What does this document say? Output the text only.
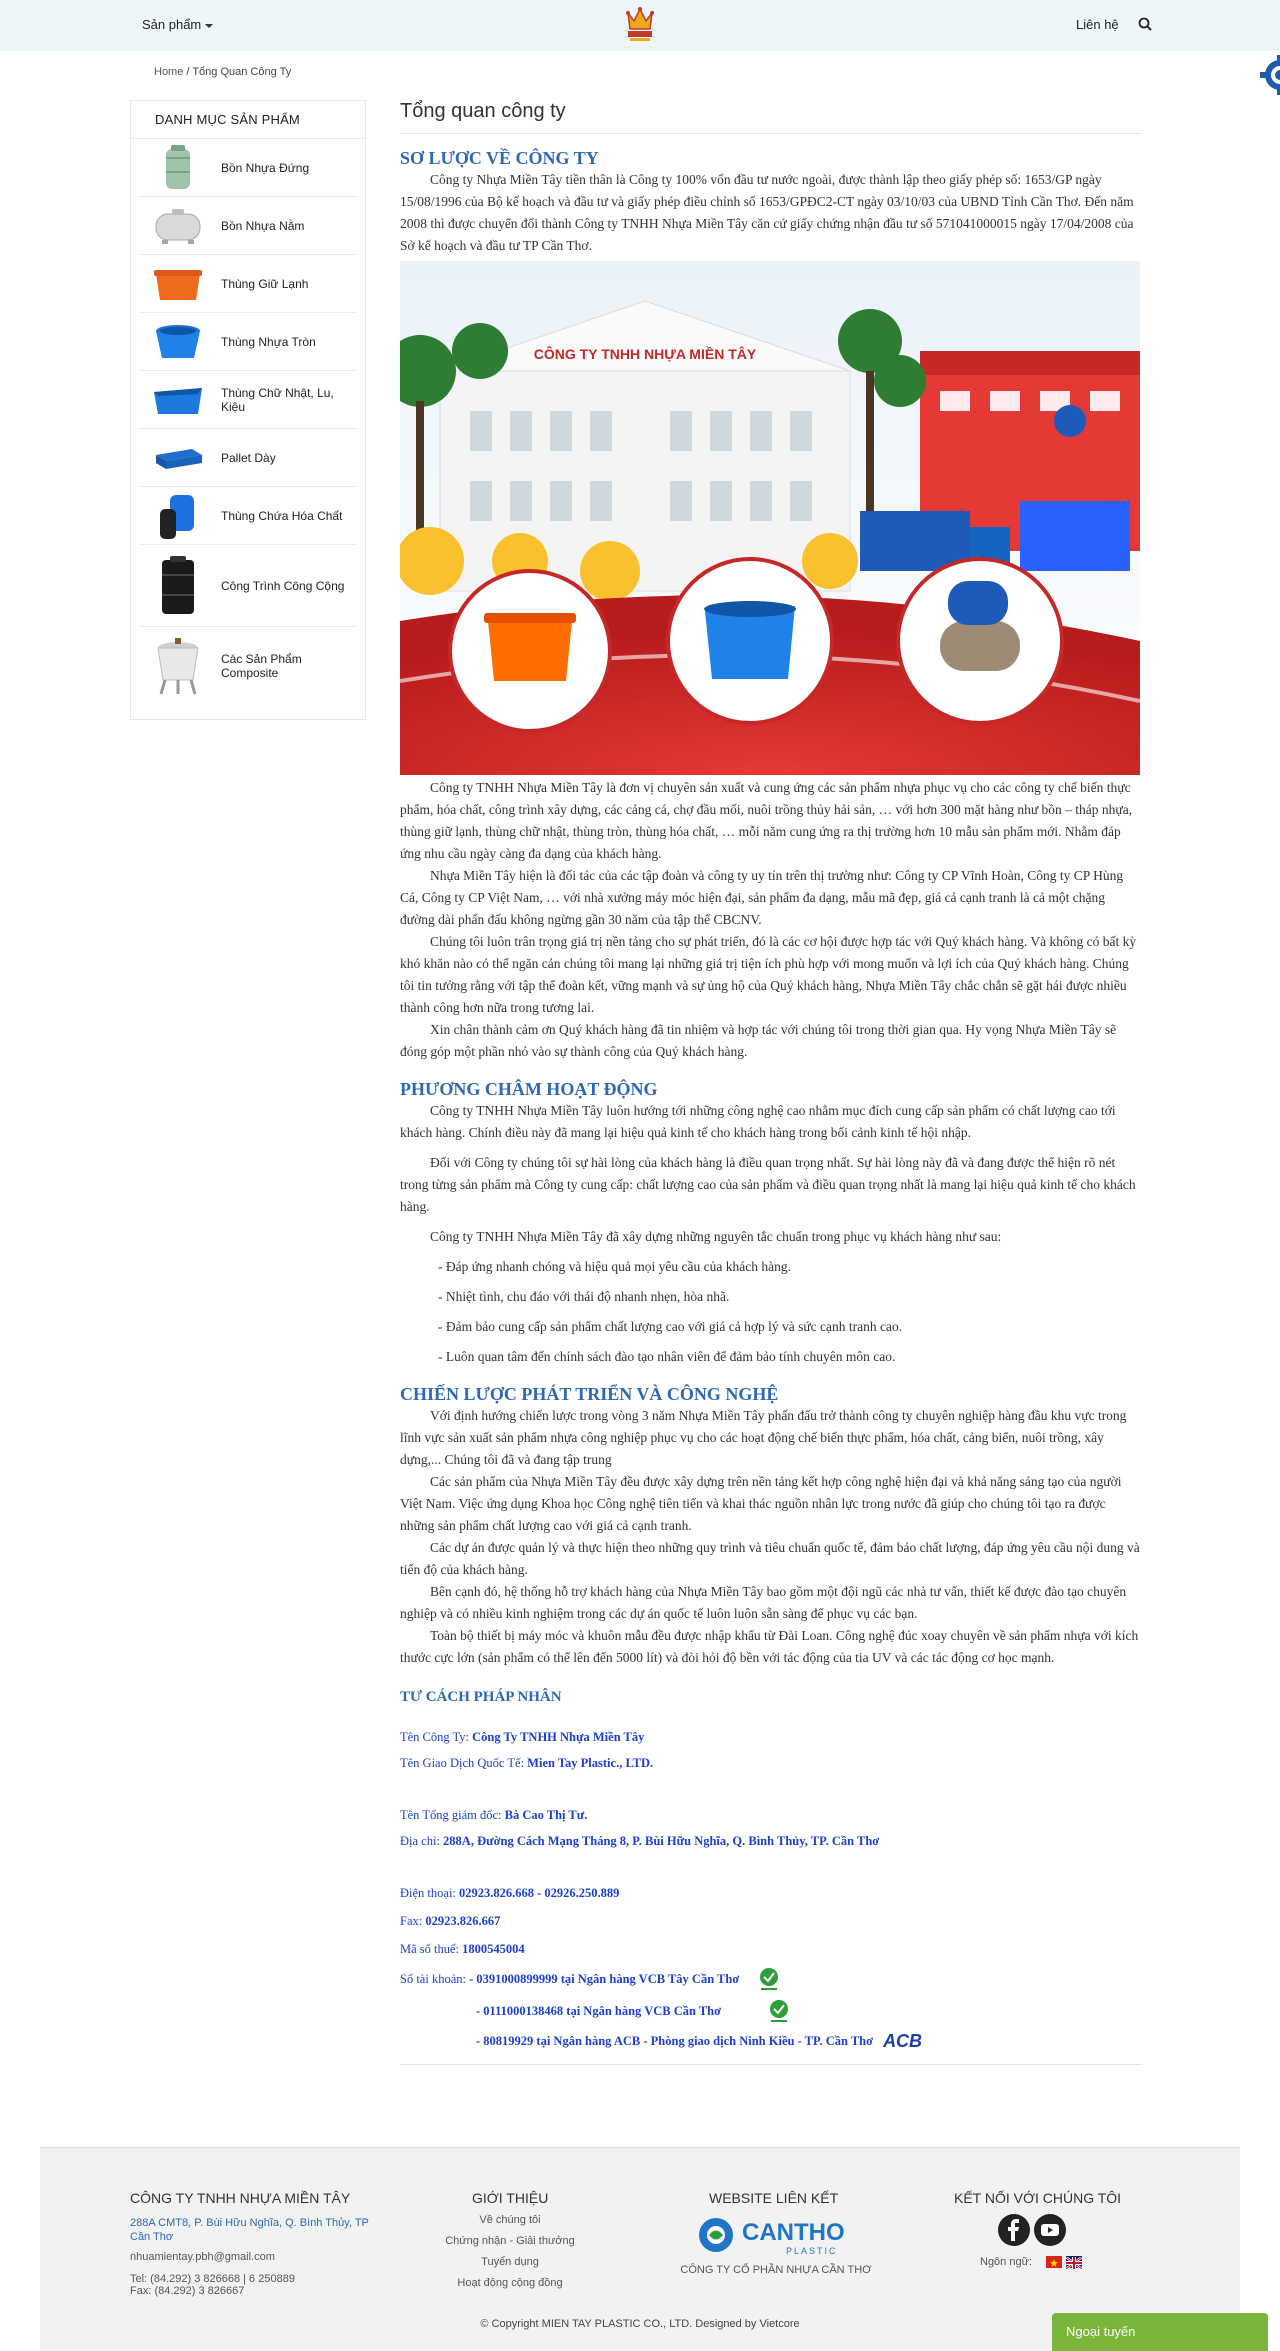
Sản phẩm	Liên hệ
Home / Tổng Quan Công Ty
DANH MỤC SẢN PHẨM
Bồn Nhựa Đứng
Bồn Nhựa Nằm
Thùng Giữ Lạnh
Thùng Nhựa Tròn
Thùng Chữ Nhật, Lu, Kiệu
Pallet Dày
Thùng Chứa Hóa Chất
Công Trình Công Cộng
Các Sản Phẩm Composite
Tổng quan công ty
SƠ LƯỢC VỀ CÔNG TY

Công ty Nhựa Miền Tây tiền thân là Công ty 100% vốn đầu tư nước ngoài, được thành lập theo giấy phép số: 1653/GP ngày 15/08/1996 của Bộ kế hoạch và đầu tư và giấy phép điều chỉnh số 1653/GPĐC2-CT ngày 03/10/03 của UBND Tỉnh Cần Thơ. Đến năm 2008 thì được chuyển đổi thành Công ty TNHH Nhựa Miền Tây căn cứ giấy chứng nhận đầu tư số 571041000015 ngày 17/04/2008 của Sở kế hoạch và đầu tư TP Cần Thơ.

CÔNG TY TNHH NHỰA MIỀN TÂY

Công ty TNHH Nhựa Miền Tây là đơn vị chuyên sản xuất và cung ứng các sản phẩm nhựa phục vụ cho các công ty chế biến thực phẩm, hóa chất, công trình xây dựng, các cảng cá, chợ đầu mối, nuôi trồng thủy hải sản, … với hơn 300 mặt hàng như bồn – tháp nhựa, thùng giữ lạnh, thùng chữ nhật, thùng tròn, thùng hóa chất, … mỗi năm cung ứng ra thị trường hơn 10 mẫu sản phẩm mới. Nhằm đáp ứng nhu cầu ngày càng đa dạng của khách hàng.

Nhựa Miền Tây hiện là đối tác của các tập đoàn và công ty uy tín trên thị trường như: Công ty CP Vĩnh Hoàn, Công ty CP Hùng Cá, Công ty CP Việt Nam, … với nhà xưởng máy móc hiện đại, sản phẩm đa dạng, mẫu mã đẹp, giá cả cạnh tranh là cả một chặng đường dài phấn đấu không ngừng gần 30 năm của tập thể CBCNV.

Chúng tôi luôn trân trọng giá trị nền tảng cho sự phát triển, đó là các cơ hội được hợp tác với Quý khách hàng. Và không có bất kỳ khó khăn nào có thể ngăn cản chúng tôi mang lại những giá trị tiện ích phù hợp với mong muốn và lợi ích của Quý khách hàng. Chúng tôi tin tưởng rằng với tập thể đoàn kết, vững mạnh và sự ủng hộ của Quý khách hàng, Nhựa Miền Tây chắc chắn sẽ gặt hái được nhiều thành công hơn nữa trong tương lai.

Xin chân thành cảm ơn Quý khách hàng đã tin nhiệm và hợp tác với chúng tôi trong thời gian qua. Hy vọng Nhựa Miền Tây sẽ đóng góp một phần nhỏ vào sự thành công của Quý khách hàng.

PHƯƠNG CHÂM HOẠT ĐỘNG

Công ty TNHH Nhựa Miền Tây luôn hướng tới những công nghệ cao nhằm mục đích cung cấp sản phẩm có chất lượng cao tới khách hàng. Chính điều này đã mang lại hiệu quả kinh tế cho khách hàng trong bối cảnh kinh tế hội nhập.

Đối với Công ty chúng tôi sự hài lòng của khách hàng là điều quan trọng nhất. Sự hài lòng này đã và đang được thể hiện rõ nét trong từng sản phẩm mà Công ty cung cấp: chất lượng cao của sản phẩm và điều quan trọng nhất là mang lại hiệu quả kinh tế cho khách hàng.

Công ty TNHH Nhựa Miền Tây đã xây dựng những nguyên tắc chuẩn trong phục vụ khách hàng như sau:

- Đáp ứng nhanh chóng và hiệu quả mọi yêu cầu của khách hàng.
- Nhiệt tình, chu đáo với thái độ nhanh nhẹn, hòa nhã.
- Đảm bảo cung cấp sản phẩm chất lượng cao với giá cả hợp lý và sức cạnh tranh cao.
- Luôn quan tâm đến chính sách đào tạo nhân viên để đảm bảo tính chuyên môn cao.
CHIẾN LƯỢC PHÁT TRIỂN VÀ CÔNG NGHỆ

Với định hướng chiến lược trong vòng 3 năm Nhựa Miền Tây phấn đấu trở thành công ty chuyên nghiệp hàng đầu khu vực trong lĩnh vực sản xuất sản phẩm nhựa công nghiệp phục vụ cho các hoạt động chế biến thực phẩm, hóa chất, cảng biển, nuôi trồng, xây dựng,... Chúng tôi đã và đang tập trung

Các sản phẩm của Nhựa Miền Tây đều được xây dựng trên nền tảng kết hợp công nghệ hiện đại và khả năng sáng tạo của người Việt Nam. Việc ứng dụng Khoa học Công nghệ tiên tiến và khai thác nguồn nhân lực trong nước đã giúp cho chúng tôi tạo ra được những sản phẩm chất lượng cao với giá cả cạnh tranh.

Các dự án được quản lý và thực hiện theo những quy trình và tiêu chuẩn quốc tế, đảm bảo chất lượng, đáp ứng yêu cầu nội dung và tiến độ của khách hàng.

Bên cạnh đó, hệ thống hỗ trợ khách hàng của Nhựa Miền Tây bao gồm một đội ngũ các nhà tư vấn, thiết kế được đào tạo chuyên nghiệp và có nhiều kinh nghiệm trong các dự án quốc tế luôn luôn sẵn sàng để phục vụ các bạn.

Toàn bộ thiết bị máy móc và khuôn mẫu đều được nhập khẩu từ Đài Loan. Công nghệ đúc xoay chuyên về sản phẩm nhựa với kích thước cực lớn (sản phẩm có thể lên đến 5000 lít) và đòi hỏi độ bền với tác động của tia UV và các tác động cơ học mạnh.

TƯ CÁCH PHÁP NHÂN
Tên Công Ty: Công Ty TNHH Nhựa Miền Tây
Tên Giao Dịch Quốc Tế: Mien Tay Plastic., LTD.
Tên Tổng giám đốc: Bà Cao Thị Tư.
Địa chỉ: 288A, Đường Cách Mạng Tháng 8, P. Bùi Hữu Nghĩa, Q. Bình Thủy, TP. Cần Thơ
Điện thoại: 02923.826.668 - 02926.250.889
Fax: 02923.826.667
Mã số thuế: 1800545004
Số tài khoản:
- 0391000899999 tại Ngân hàng VCB Tây Cần Thơ
- 0111000138468 tại Ngân hàng VCB Cần Thơ
- 80819929 tại Ngân hàng ACB - Phòng giao dịch Ninh Kiều - TP. Cần Thơ ACB
CÔNG TY TNHH NHỰA MIỀN TÂY
288A CMT8, P. Bùi Hữu Nghĩa, Q. Bình Thủy, TP Cần Thơ
nhuamientay.pbh@gmail.com
Tel: (84.292) 3 826668 | 6 250889
Fax: (84.292) 3 826667
GIỚI THIỆU
Về chúng tôi
Chứng nhận - Giải thưởng
Tuyển dụng
Hoạt động cộng đồng
WEBSITE LIÊN KẾT
CANTHO
PLASTIC
CÔNG TY CỔ PHẦN NHỰA CẦN THƠ
KẾT NỐI VỚI CHÚNG TÔI
Ngôn ngữ:
© Copyright MIEN TAY PLASTIC CO., LTD. Designed by Vietcore	Ngoại tuyến
